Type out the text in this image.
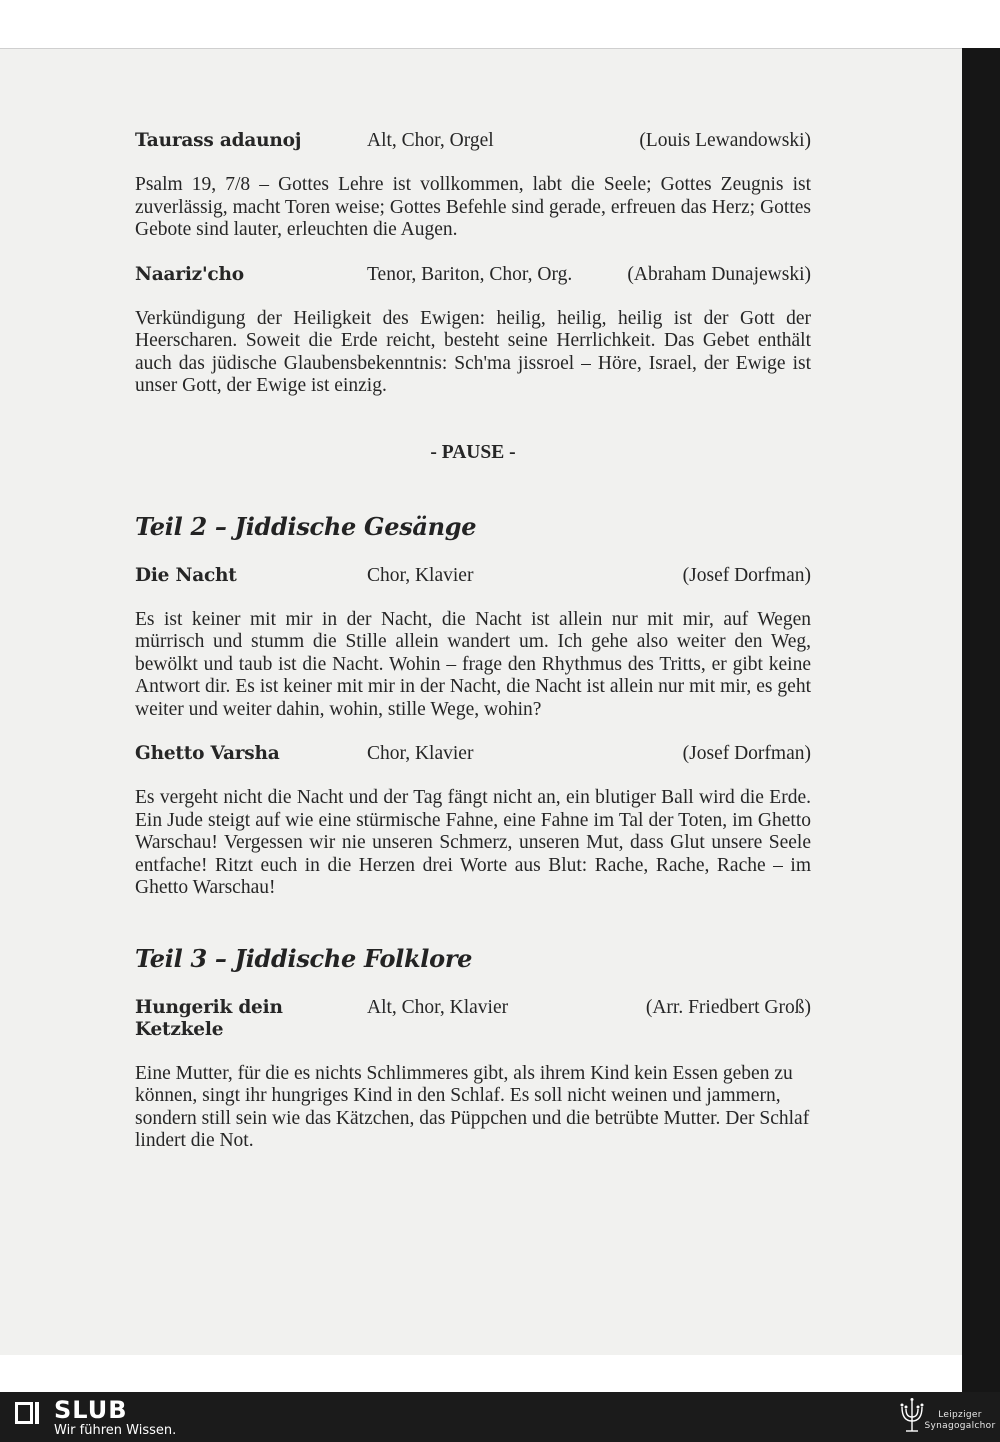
Taurass adaunoj	Alt, Chor, Orgel	(Louis Lewandowski)

Psalm 19, 7/8 – Gottes Lehre ist vollkommen, labt die Seele; Gottes Zeugnis ist zuverlässig, macht Toren weise; Gottes Befehle sind gerade, erfreuen das Herz; Gottes Gebote sind lauter, erleuchten die Augen.

Naariz'cho	Tenor, Bariton, Chor, Org.	(Abraham Dunajewski)

Verkündigung der Heiligkeit des Ewigen: heilig, heilig, heilig ist der Gott der Heerscharen. Soweit die Erde reicht, besteht seine Herrlichkeit. Das Gebet enthält auch das jüdische Glaubensbekenntnis: Sch'ma jissroel – Höre, Israel, der Ewige ist unser Gott, der Ewige ist einzig.

- PAUSE -
Teil 2 – Jiddische Gesänge
Die Nacht	Chor, Klavier	(Josef Dorfman)

Es ist keiner mit mir in der Nacht, die Nacht ist allein nur mit mir, auf Wegen mürrisch und stumm die Stille allein wandert um. Ich gehe also weiter den Weg, bewölkt und taub ist die Nacht. Wohin – frage den Rhythmus des Tritts, er gibt keine Antwort dir. Es ist keiner mit mir in der Nacht, die Nacht ist allein nur mit mir, es geht weiter und weiter dahin, wohin, stille Wege, wohin?

Ghetto Varsha	Chor, Klavier	(Josef Dorfman)

Es vergeht nicht die Nacht und der Tag fängt nicht an, ein blutiger Ball wird die Erde. Ein Jude steigt auf wie eine stürmische Fahne, eine Fahne im Tal der Toten, im Ghetto Warschau! Vergessen wir nie unseren Schmerz, unseren Mut, dass Glut unsere Seele entfache! Ritzt euch in die Herzen drei Worte aus Blut: Rache, Rache, Rache – im Ghetto Warschau!

Teil 3 – Jiddische Folklore
Hungerik dein
Ketzkele
Alt, Chor, Klavier	(Arr. Friedbert Groß)

Eine Mutter, für die es nichts Schlimmeres gibt, als ihrem Kind kein Essen geben zu können, singt ihr hungriges Kind in den Schlaf. Es soll nicht weinen und jammern, sondern still sein wie das Kätzchen, das Püppchen und die betrübte Mutter. Der Schlaf lindert die Not.

SLUB
Wir führen Wissen.
Leipziger
Synagogalchor
